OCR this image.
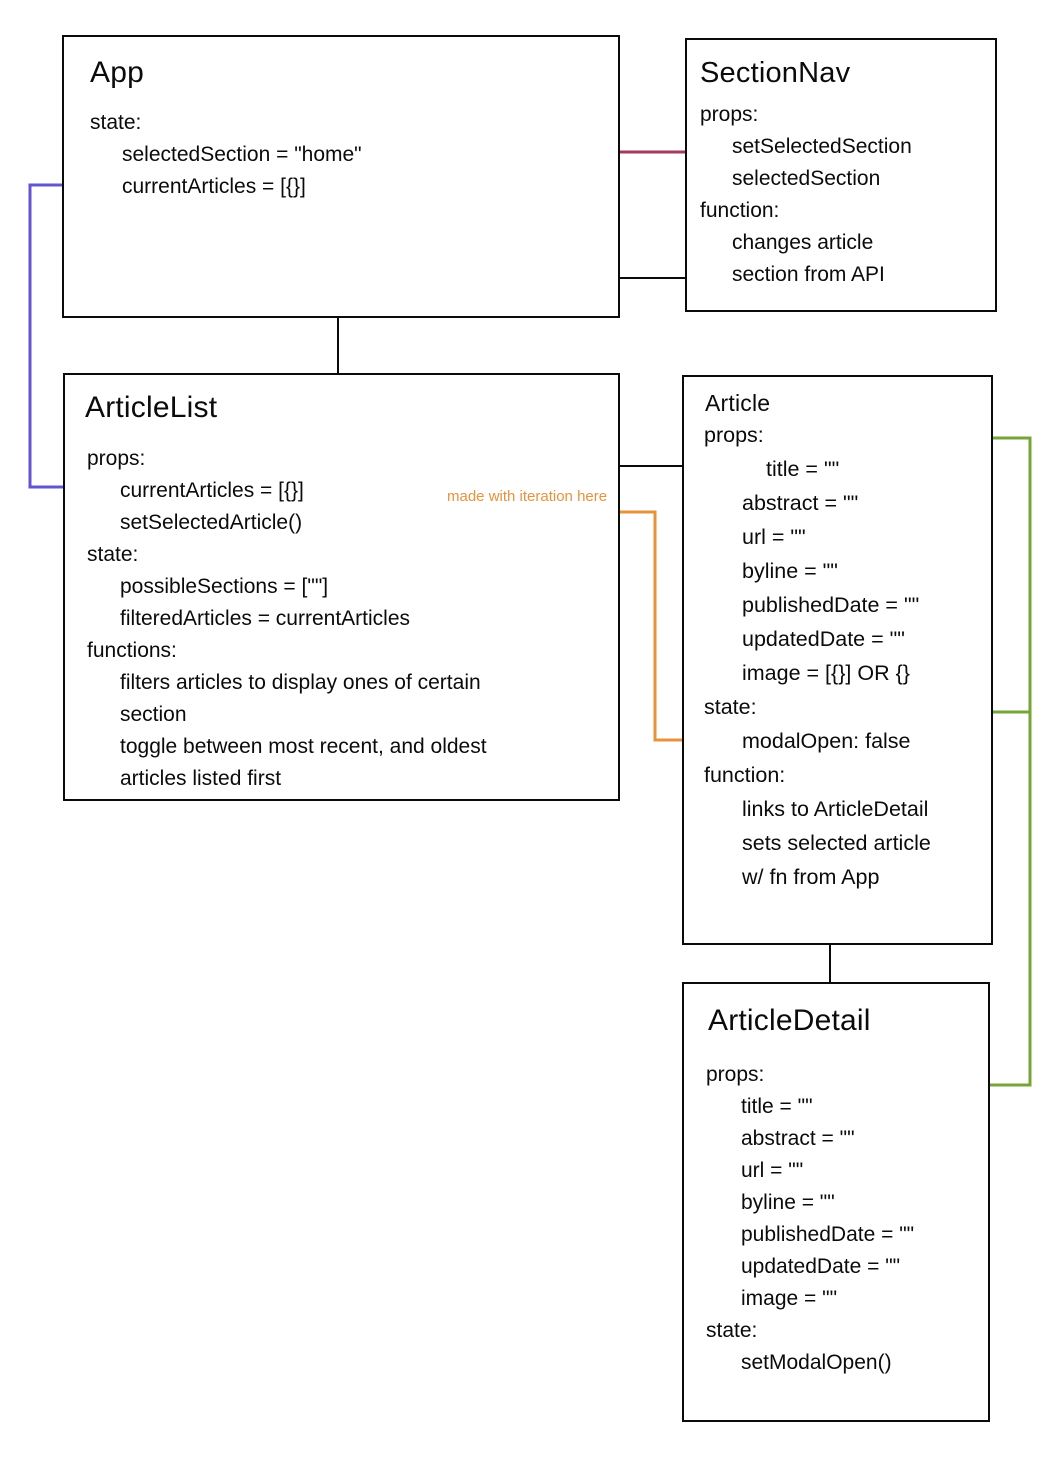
App
state:
selectedSection = "home"
currentArticles = [{}]
SectionNav
props:
setSelectedSection
selectedSection
function:
changes article
section from API
ArticleList
props:
currentArticles = [{}]
setSelectedArticle()
state:
possibleSections = [""]
filteredArticles = currentArticles
functions:
filters articles to display ones of certain
section
toggle between most recent, and oldest
articles listed first
Article
props:
title = ""
abstract = ""
url = ""
byline = ""
publishedDate = ""
updatedDate = ""
image = [{}] OR {}
state:
modalOpen: false
function:
links to ArticleDetail
sets selected article
w/ fn from App
ArticleDetail
props:
title = ""
abstract = ""
url = ""
byline = ""
publishedDate = ""
updatedDate = ""
image = ""
state:
setModalOpen()
made with iteration here
